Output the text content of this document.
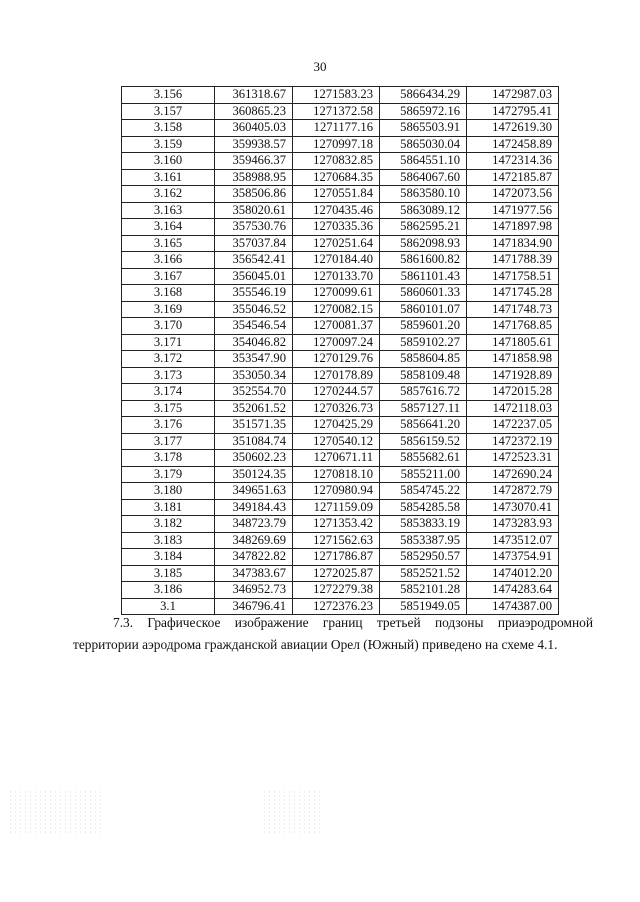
30
3.156	361318.67	1271583.23	5866434.29	1472987.03
3.157	360865.23	1271372.58	5865972.16	1472795.41
3.158	360405.03	1271177.16	5865503.91	1472619.30
3.159	359938.57	1270997.18	5865030.04	1472458.89
3.160	359466.37	1270832.85	5864551.10	1472314.36
3.161	358988.95	1270684.35	5864067.60	1472185.87
3.162	358506.86	1270551.84	5863580.10	1472073.56
3.163	358020.61	1270435.46	5863089.12	1471977.56
3.164	357530.76	1270335.36	5862595.21	1471897.98
3.165	357037.84	1270251.64	5862098.93	1471834.90
3.166	356542.41	1270184.40	5861600.82	1471788.39
3.167	356045.01	1270133.70	5861101.43	1471758.51
3.168	355546.19	1270099.61	5860601.33	1471745.28
3.169	355046.52	1270082.15	5860101.07	1471748.73
3.170	354546.54	1270081.37	5859601.20	1471768.85
3.171	354046.82	1270097.24	5859102.27	1471805.61
3.172	353547.90	1270129.76	5858604.85	1471858.98
3.173	353050.34	1270178.89	5858109.48	1471928.89
3.174	352554.70	1270244.57	5857616.72	1472015.28
3.175	352061.52	1270326.73	5857127.11	1472118.03
3.176	351571.35	1270425.29	5856641.20	1472237.05
3.177	351084.74	1270540.12	5856159.52	1472372.19
3.178	350602.23	1270671.11	5855682.61	1472523.31
3.179	350124.35	1270818.10	5855211.00	1472690.24
3.180	349651.63	1270980.94	5854745.22	1472872.79
3.181	349184.43	1271159.09	5854285.58	1473070.41
3.182	348723.79	1271353.42	5853833.19	1473283.93
3.183	348269.69	1271562.63	5853387.95	1473512.07
3.184	347822.82	1271786.87	5852950.57	1473754.91
3.185	347383.67	1272025.87	5852521.52	1474012.20
3.186	346952.73	1272279.38	5852101.28	1474283.64
3.1	346796.41	1272376.23	5851949.05	1474387.00
7.3. Графическое изображение границ третьей подзоны приаэродромной
территории аэродрома гражданской авиации Орел (Южный) приведено на схеме 4.1.
